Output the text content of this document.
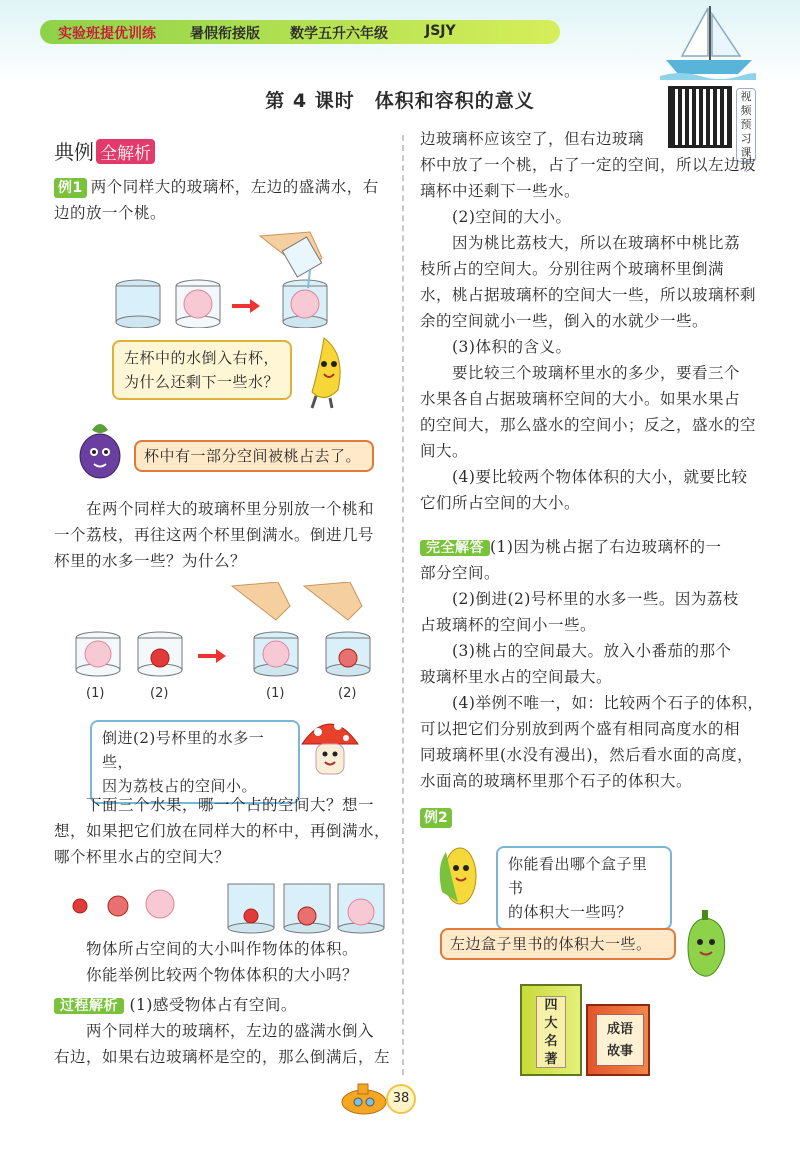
实验班提优训练 暑假衔接版 数学五升六年级	JSJY
第 4 课时　体积和容积的意义	视频预习课
典例 全解析

例1 两个同样大的玻璃杯，左边的盛满水，右

边的放一个桃。

左杯中的水倒入右杯，
为什么还剩下一些水？
杯中有一部分空间被桃占去了。

在两个同样大的玻璃杯里分别放一个桃和

一个荔枝，再往这两个杯里倒满水。倒进几号

杯里的水多一些？为什么？

(1)	(2)	(1)	(2)
倒进(2)号杯里的水多一些，
因为荔枝占的空间小。

下面三个水果，哪一个占的空间大？想一

想，如果把它们放在同样大的杯中，再倒满水，

哪个杯里水占的空间大？

物体所占空间的大小叫作物体的体积。

你能举例比较两个物体体积的大小吗？

过程解析 (1)感受物体占有空间。

两个同样大的玻璃杯，左边的盛满水倒入

右边，如果右边玻璃杯是空的，那么倒满后，左

边玻璃杯应该空了，但右边玻璃

杯中放了一个桃，占了一定的空间，所以左边玻

璃杯中还剩下一些水。

(2)空间的大小。

因为桃比荔枝大，所以在玻璃杯中桃比荔

枝所占的空间大。分别往两个玻璃杯里倒满

水，桃占据玻璃杯的空间大一些，所以玻璃杯剩

余的空间就小一些，倒入的水就少一些。

(3)体积的含义。

要比较三个玻璃杯里水的多少，要看三个

水果各自占据玻璃杯空间的大小。如果水果占

的空间大，那么盛水的空间小；反之，盛水的空

间大。

(4)要比较两个物体体积的大小，就要比较

它们所占空间的大小。

完全解答 (1)因为桃占据了右边玻璃杯的一

部分空间。

(2)倒进(2)号杯里的水多一些。因为荔枝

占玻璃杯的空间小一些。

(3)桃占的空间最大。放入小番茄的那个

玻璃杯里水占的空间最大。

(4)举例不唯一，如：比较两个石子的体积，

可以把它们分别放到两个盛有相同高度水的相

同玻璃杯里(水没有漫出)，然后看水面的高度，

水面高的玻璃杯里那个石子的体积大。

例2
你能看出哪个盒子里书
的体积大一些吗？
左边盒子里书的体积大一些。
四大名著
成语故事
38
